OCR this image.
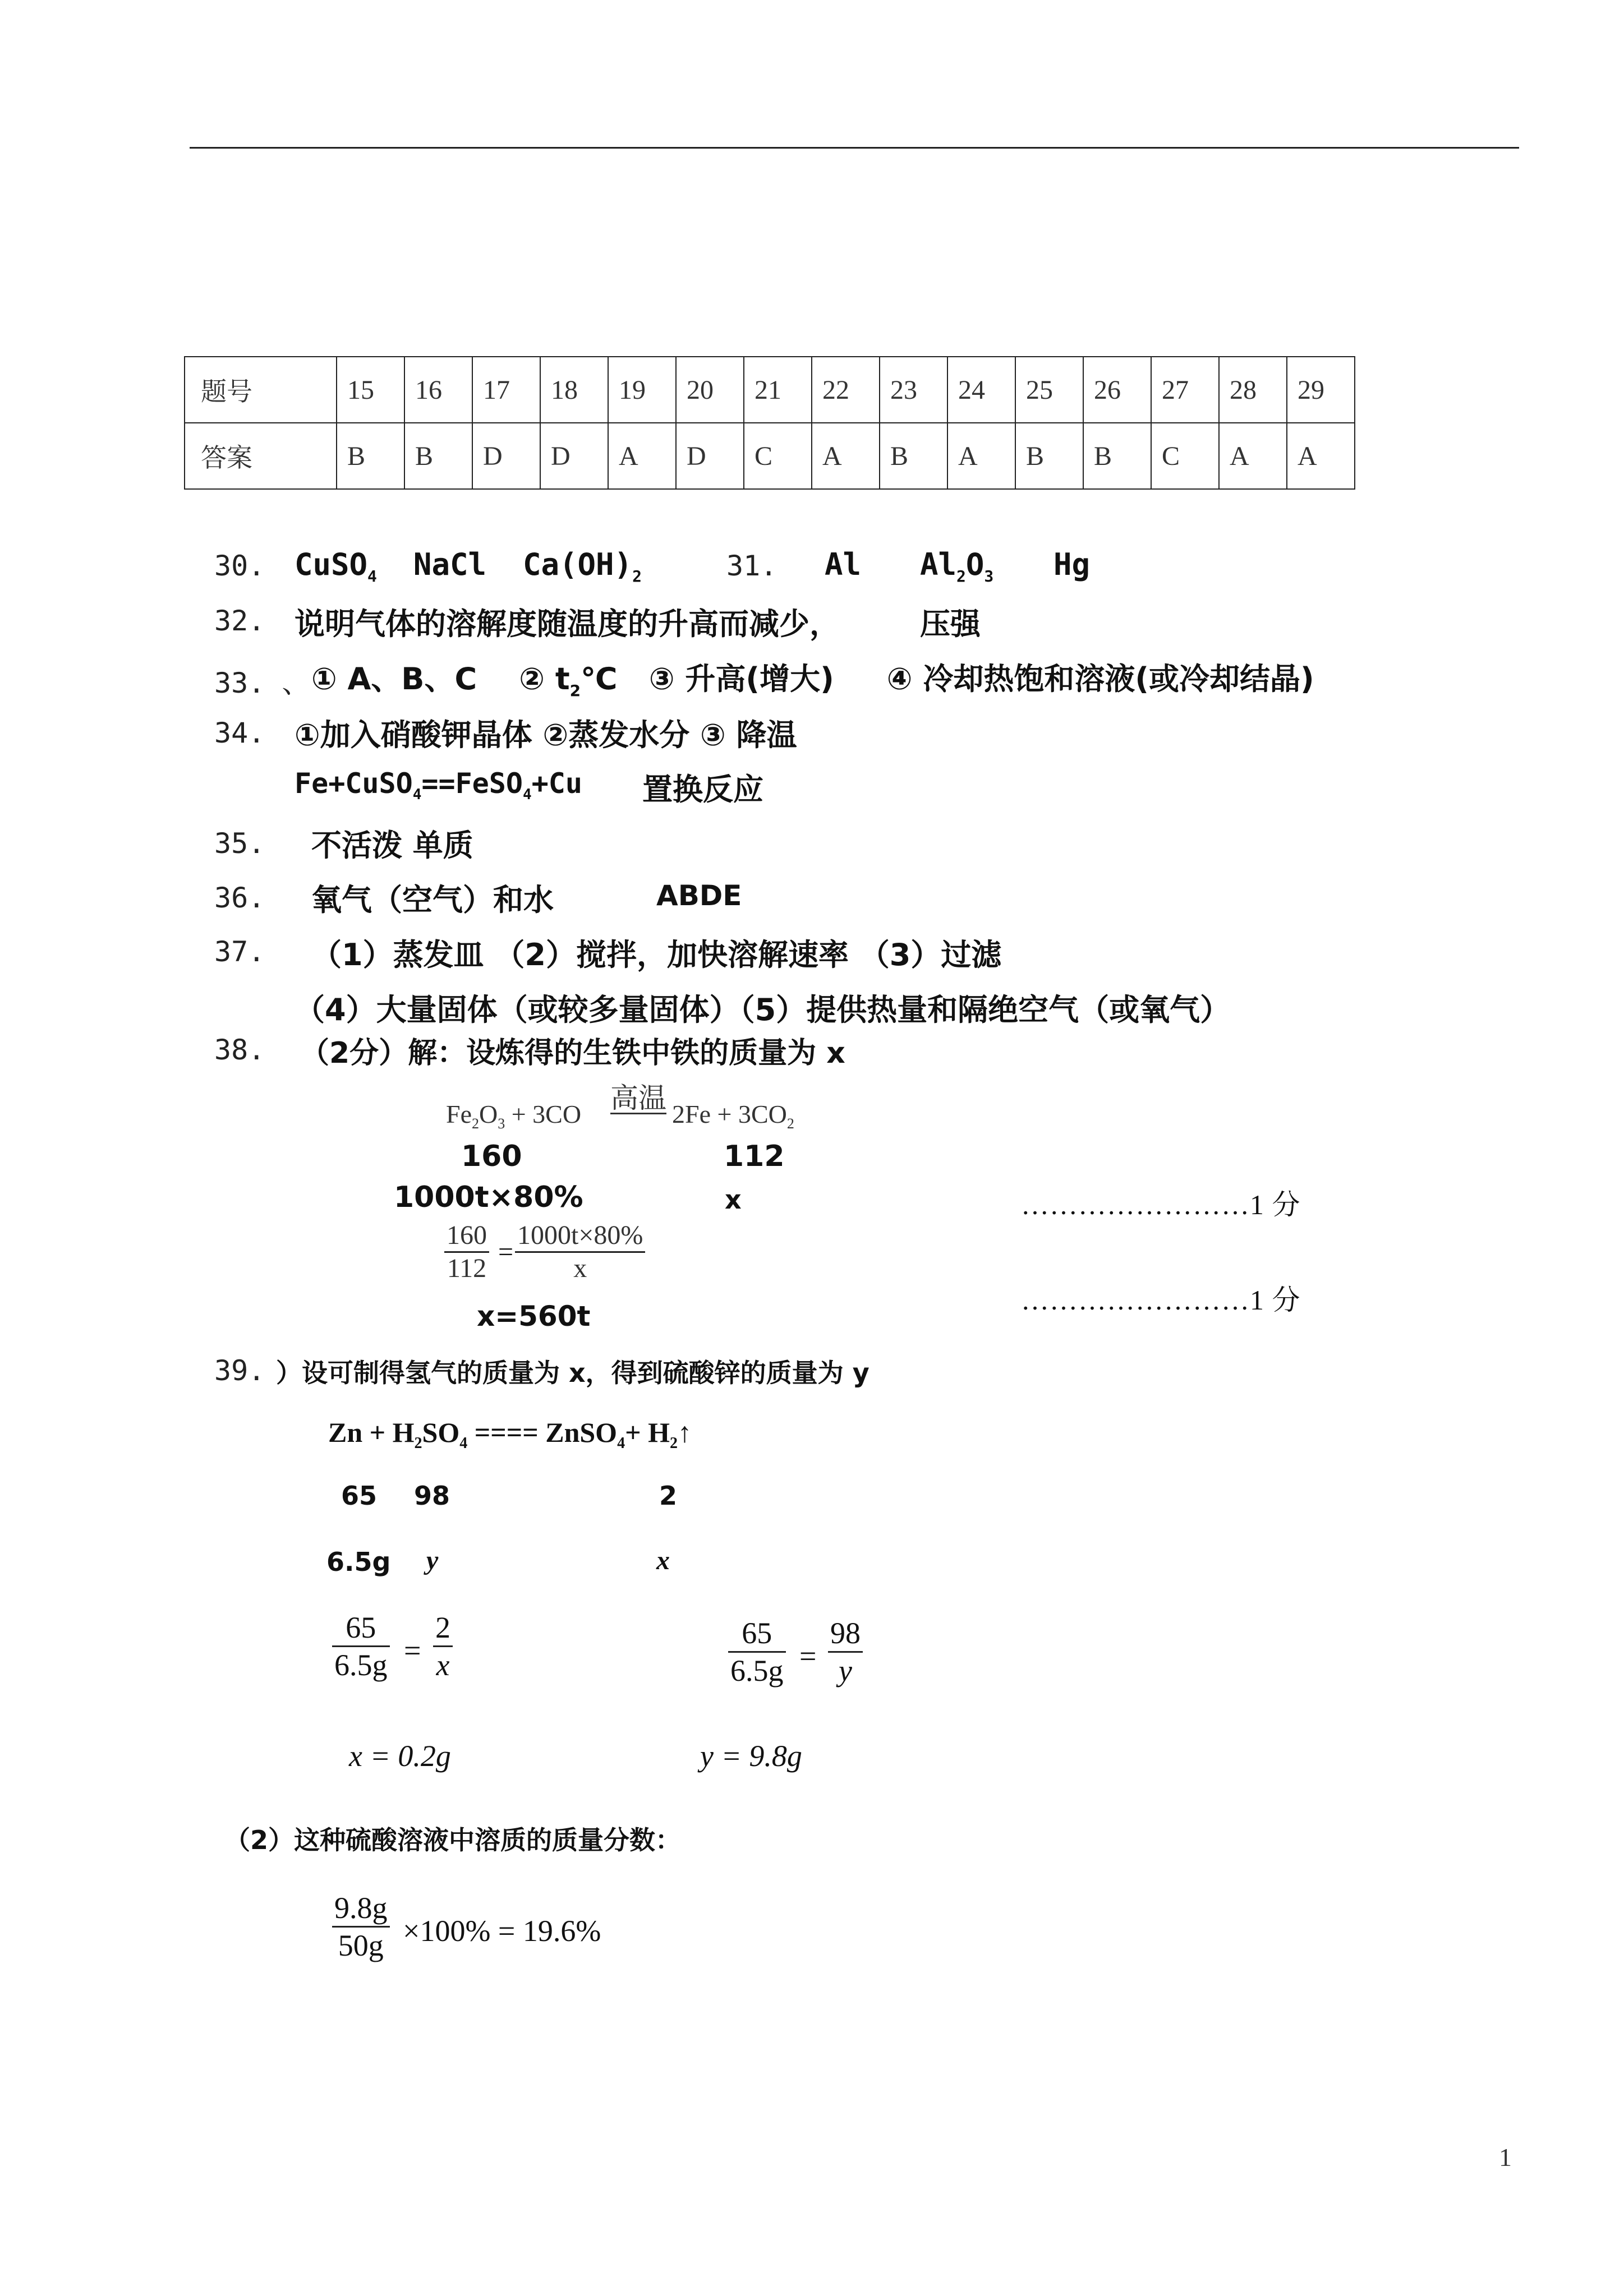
题号	15	16	17	18	19	20	21	22	23	24	25	26	27	28	29
答案	B	B	D	D	A	D	C	A	B	A	B	B	C	A	A
30. CuSO$_4$  NaCl  $Ca(OH)_2$	31. Al $Al_2O_3$ Hg
32. 说明气体的溶解度随温度的升高而减少，	压强
33. 、 ① A、B、C    ② $t_2℃$   ③ 升高(增大)     ④ 冷却热饱和溶液(或冷却结晶)
34. ①加入硝酸钾晶体 ②蒸发水分 ③ 降温
Fe+CuSO$_4$==FeSO$_4$+Cu 置换反应
35. 不活泼 单质
36. 氧气（空气）和水	ABDE
37. （1）蒸发皿 （2）搅拌，加快溶解速率 （3）过滤
（4）大量固体（或较多量固体）（5）提供热量和隔绝空气（或氧气）
38. （2分）解：设炼得的生铁中铁的质量为 x
$Fe_2O_3 + 3CO$
高温
$2Fe + 3CO_2$
160	112
1000t×80%	x	……………………1 分
160
112
=
1000t×80%
x
……………………1 分
x=560t
39. ）设可制得氢气的质量为 x，得到硫酸锌的质量为 y
$Zn + H_2SO_4$ ==== ZnSO$_4$+ $H_2↑$
65 98	2
6.5g y	x
65
6.5g =
2
x
65
6.5g =
98
y
x = 0.2g	y = 9.8g
（2）这种硫酸溶液中溶质的质量分数：
9.8g
50g ×100% = 19.6%
1
